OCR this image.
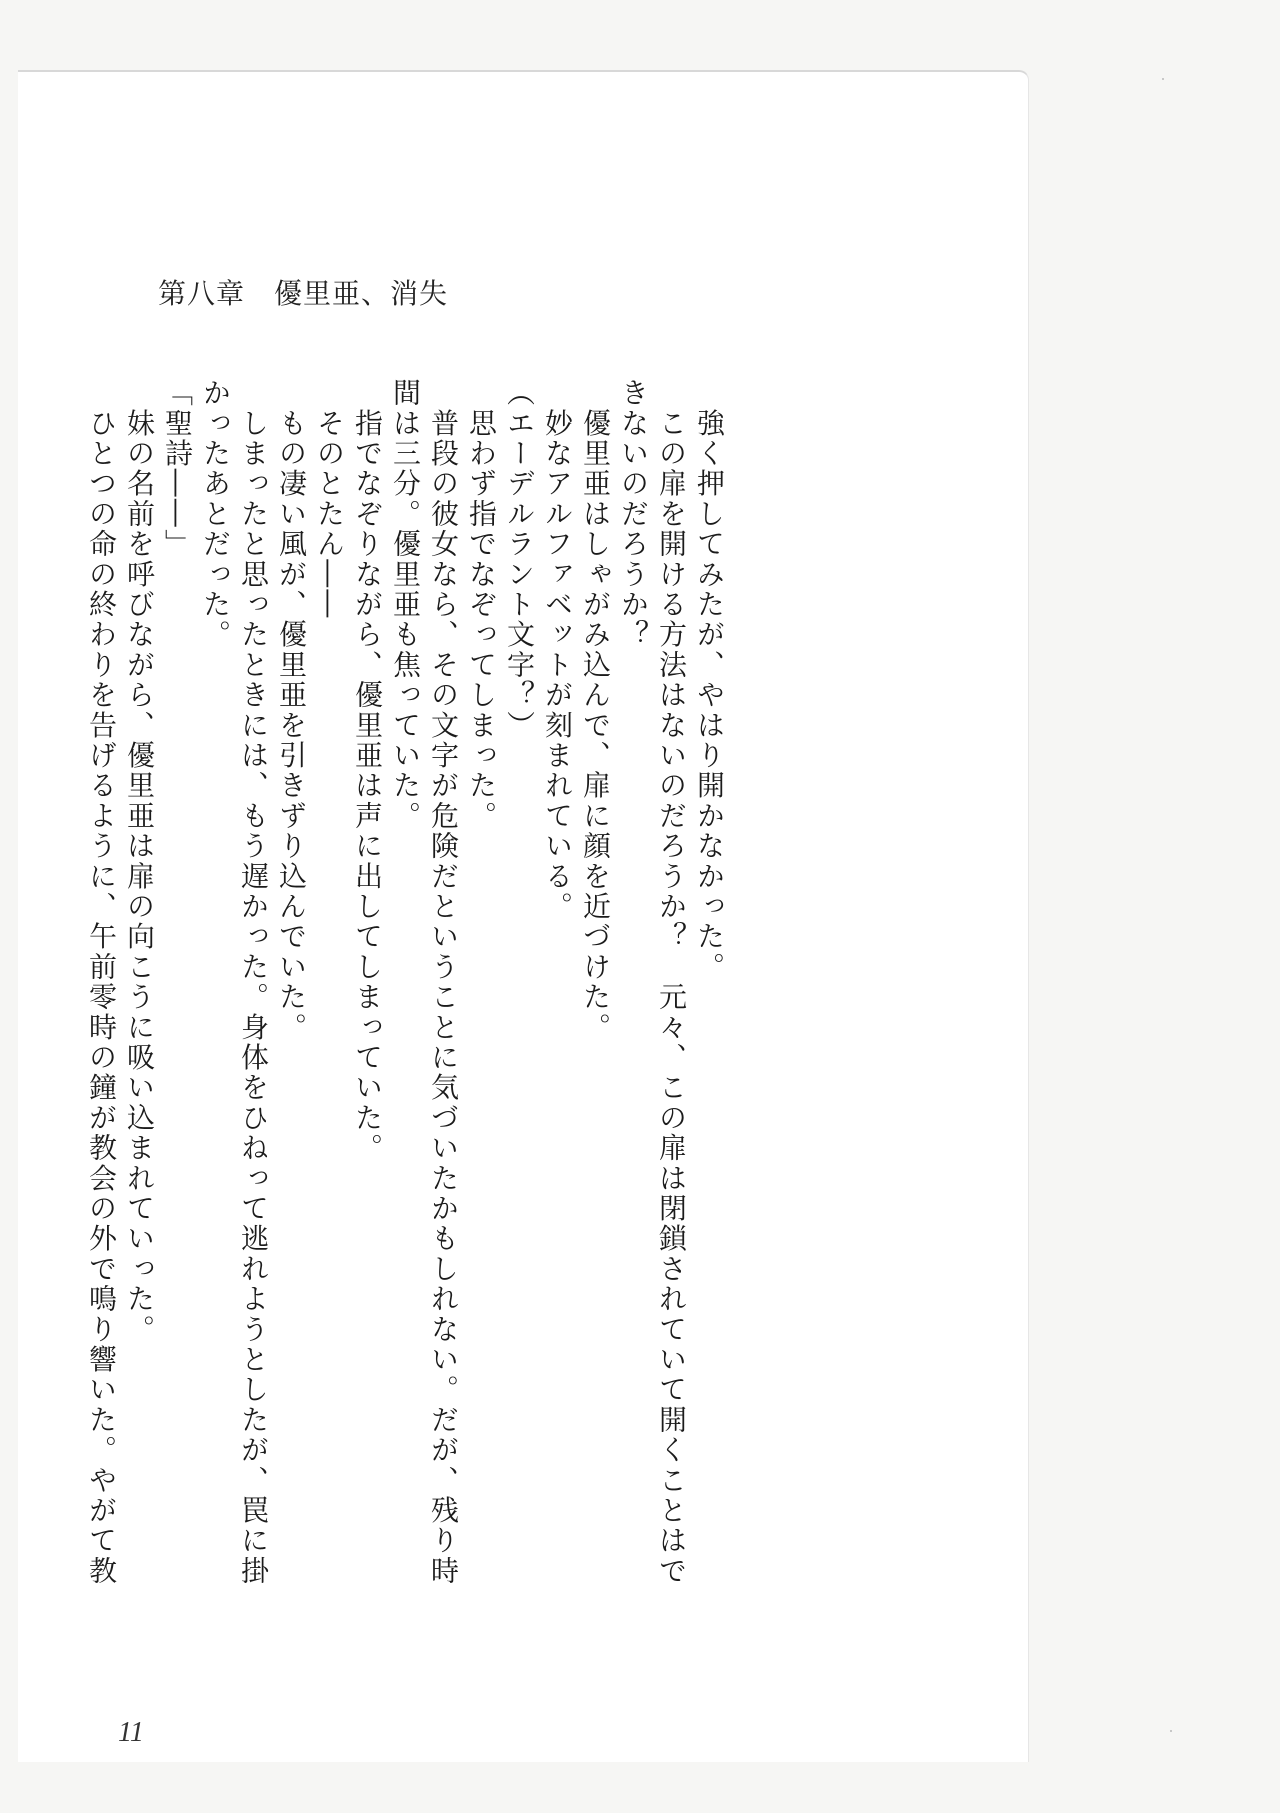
第八章　優里亜、消失
　強く押してみたが、やはり開かなかった。
　この扉を開ける方法はないのだろうか？　元々、この扉は閉鎖されていて開くことはで
きないのだろうか？
　優里亜はしゃがみ込んで、扉に顔を近づけた。
　妙なアルファベットが刻まれている。
（エーデルラント文字？）
　思わず指でなぞってしまった。
　普段の彼女なら、その文字が危険だということに気づいたかもしれない。だが、残り時
間は三分。優里亜も焦っていた。
　指でなぞりながら、優里亜は声に出してしまっていた。
　そのとたん――
　もの凄い風が、優里亜を引きずり込んでいた。
　しまったと思ったときには、もう遅かった。身体をひねって逃れようとしたが、罠に掛
かったあとだった。
「聖詩――」
　妹の名前を呼びながら、優里亜は扉の向こうに吸い込まれていった。
　ひとつの命の終わりを告げるように、午前零時の鐘が教会の外で鳴り響いた。やがて教
11
